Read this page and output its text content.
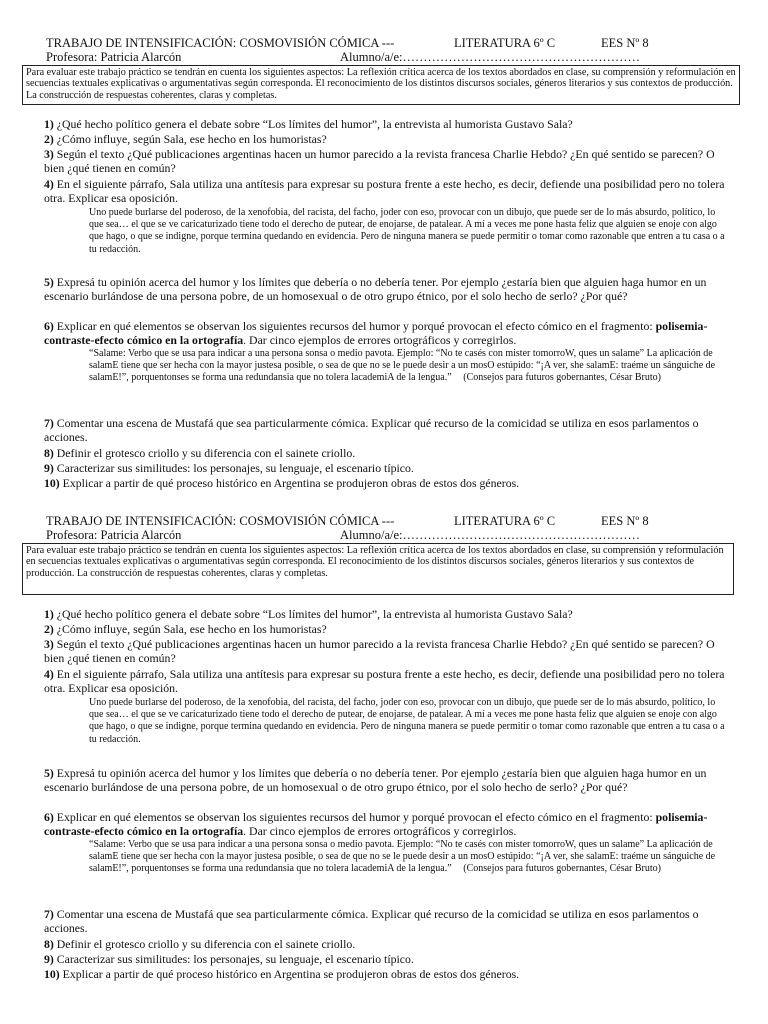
TRABAJO DE INTENSIFICACIÓN: COSMOVISIÓN CÓMICA ---	LITERATURA 6º C	EES Nº 8
Profesora: Patricia Alarcón	Alumno/a/e:…………………………………………………
Para evaluar este trabajo práctico se tendrán en cuenta los siguientes aspectos: La reflexión crítica acerca de los textos abordados en clase, su comprensión y reformulación en secuencias textuales explicativas o argumentativas según corresponda. El reconocimiento de los distintos discursos sociales, géneros literarios y sus contextos de producción. La construcción de respuestas coherentes, claras y completas.
1) ¿Qué hecho político genera el debate sobre “Los límites del humor”, la entrevista al humorista Gustavo Sala?
2) ¿Cómo influye, según Sala, ese hecho en los humoristas?
3) Según el texto ¿Qué publicaciones argentinas hacen un humor parecido a la revista francesa Charlie Hebdo? ¿En qué sentido se parecen? O bien ¿qué tienen en común?
4) En el siguiente párrafo, Sala utiliza una antítesis para expresar su postura frente a este hecho, es decir, defiende una posibilidad pero no tolera otra. Explicar esa oposición.
Uno puede burlarse del poderoso, de la xenofobia, del racista, del facho, joder con eso, provocar con un dibujo, que puede ser de lo más absurdo, político, lo que sea… el que se ve caricaturizado tiene todo el derecho de putear, de enojarse, de patalear. A mí a veces me pone hasta feliz que alguien se enoje con algo que hago, o que se indigne, porque termina quedando en evidencia. Pero de ninguna manera se puede permitir o tomar como razonable que entren a tu casa o a tu redacción.
5) Expresá tu opinión acerca del humor y los límites que debería o no debería tener. Por ejemplo ¿estaría bien que alguien haga humor en un escenario burlándose de una persona pobre, de un homosexual o de otro grupo étnico, por el solo hecho de serlo? ¿Por qué?
6) Explicar en qué elementos se observan los siguientes recursos del humor y porqué provocan el efecto cómico en el fragmento: polisemia-contraste-efecto cómico en la ortografía. Dar cinco ejemplos de errores ortográficos y corregirlos.
“Salame: Verbo que se usa para indicar a una persona sonsa o medio pavota. Ejemplo: “No te casés con mister tomorroW, ques un salame” La aplicación de salamE tiene que ser hecha con la mayor justesa posible, o sea de que no se le puede desir a un mosO estúpido: “¡A ver, she salamE: traéme un sánguiche de salamE!”, porquentonses se forma una redundansia que no tolera lacademiA de la lengua.” (Consejos para futuros gobernantes, César Bruto)
7) Comentar una escena de Mustafá que sea particularmente cómica. Explicar qué recurso de la comicidad se utiliza en esos parlamentos o acciones.
8) Definir el grotesco criollo y su diferencia con el sainete criollo.
9) Caracterizar sus similitudes: los personajes, su lenguaje, el escenario típico.
10) Explicar a partir de qué proceso histórico en Argentina se produjeron obras de estos dos géneros.
TRABAJO DE INTENSIFICACIÓN: COSMOVISIÓN CÓMICA ---	LITERATURA 6º C	EES Nº 8
Profesora: Patricia Alarcón	Alumno/a/e:…………………………………………………
Para evaluar este trabajo práctico se tendrán en cuenta los siguientes aspectos: La reflexión crítica acerca de los textos abordados en clase, su comprensión y reformulación en secuencias textuales explicativas o argumentativas según corresponda. El reconocimiento de los distintos discursos sociales, géneros literarios y sus contextos de producción. La construcción de respuestas coherentes, claras y completas.
1) ¿Qué hecho político genera el debate sobre “Los límites del humor”, la entrevista al humorista Gustavo Sala?
2) ¿Cómo influye, según Sala, ese hecho en los humoristas?
3) Según el texto ¿Qué publicaciones argentinas hacen un humor parecido a la revista francesa Charlie Hebdo? ¿En qué sentido se parecen? O bien ¿qué tienen en común?
4) En el siguiente párrafo, Sala utiliza una antítesis para expresar su postura frente a este hecho, es decir, defiende una posibilidad pero no tolera otra. Explicar esa oposición.
Uno puede burlarse del poderoso, de la xenofobia, del racista, del facho, joder con eso, provocar con un dibujo, que puede ser de lo más absurdo, político, lo que sea… el que se ve caricaturizado tiene todo el derecho de putear, de enojarse, de patalear. A mí a veces me pone hasta feliz que alguien se enoje con algo que hago, o que se indigne, porque termina quedando en evidencia. Pero de ninguna manera se puede permitir o tomar como razonable que entren a tu casa o a tu redacción.
5) Expresá tu opinión acerca del humor y los límites que debería o no debería tener. Por ejemplo ¿estaría bien que alguien haga humor en un escenario burlándose de una persona pobre, de un homosexual o de otro grupo étnico, por el solo hecho de serlo? ¿Por qué?
6) Explicar en qué elementos se observan los siguientes recursos del humor y porqué provocan el efecto cómico en el fragmento: polisemia-contraste-efecto cómico en la ortografía. Dar cinco ejemplos de errores ortográficos y corregirlos.
“Salame: Verbo que se usa para indicar a una persona sonsa o medio pavota. Ejemplo: “No te casés con mister tomorroW, ques un salame” La aplicación de salamE tiene que ser hecha con la mayor justesa posible, o sea de que no se le puede desir a un mosO estúpido: “¡A ver, she salamE: traéme un sánguiche de salamE!”, porquentonses se forma una redundansia que no tolera lacademiA de la lengua.” (Consejos para futuros gobernantes, César Bruto)
7) Comentar una escena de Mustafá que sea particularmente cómica. Explicar qué recurso de la comicidad se utiliza en esos parlamentos o acciones.
8) Definir el grotesco criollo y su diferencia con el sainete criollo.
9) Caracterizar sus similitudes: los personajes, su lenguaje, el escenario típico.
10) Explicar a partir de qué proceso histórico en Argentina se produjeron obras de estos dos géneros.
